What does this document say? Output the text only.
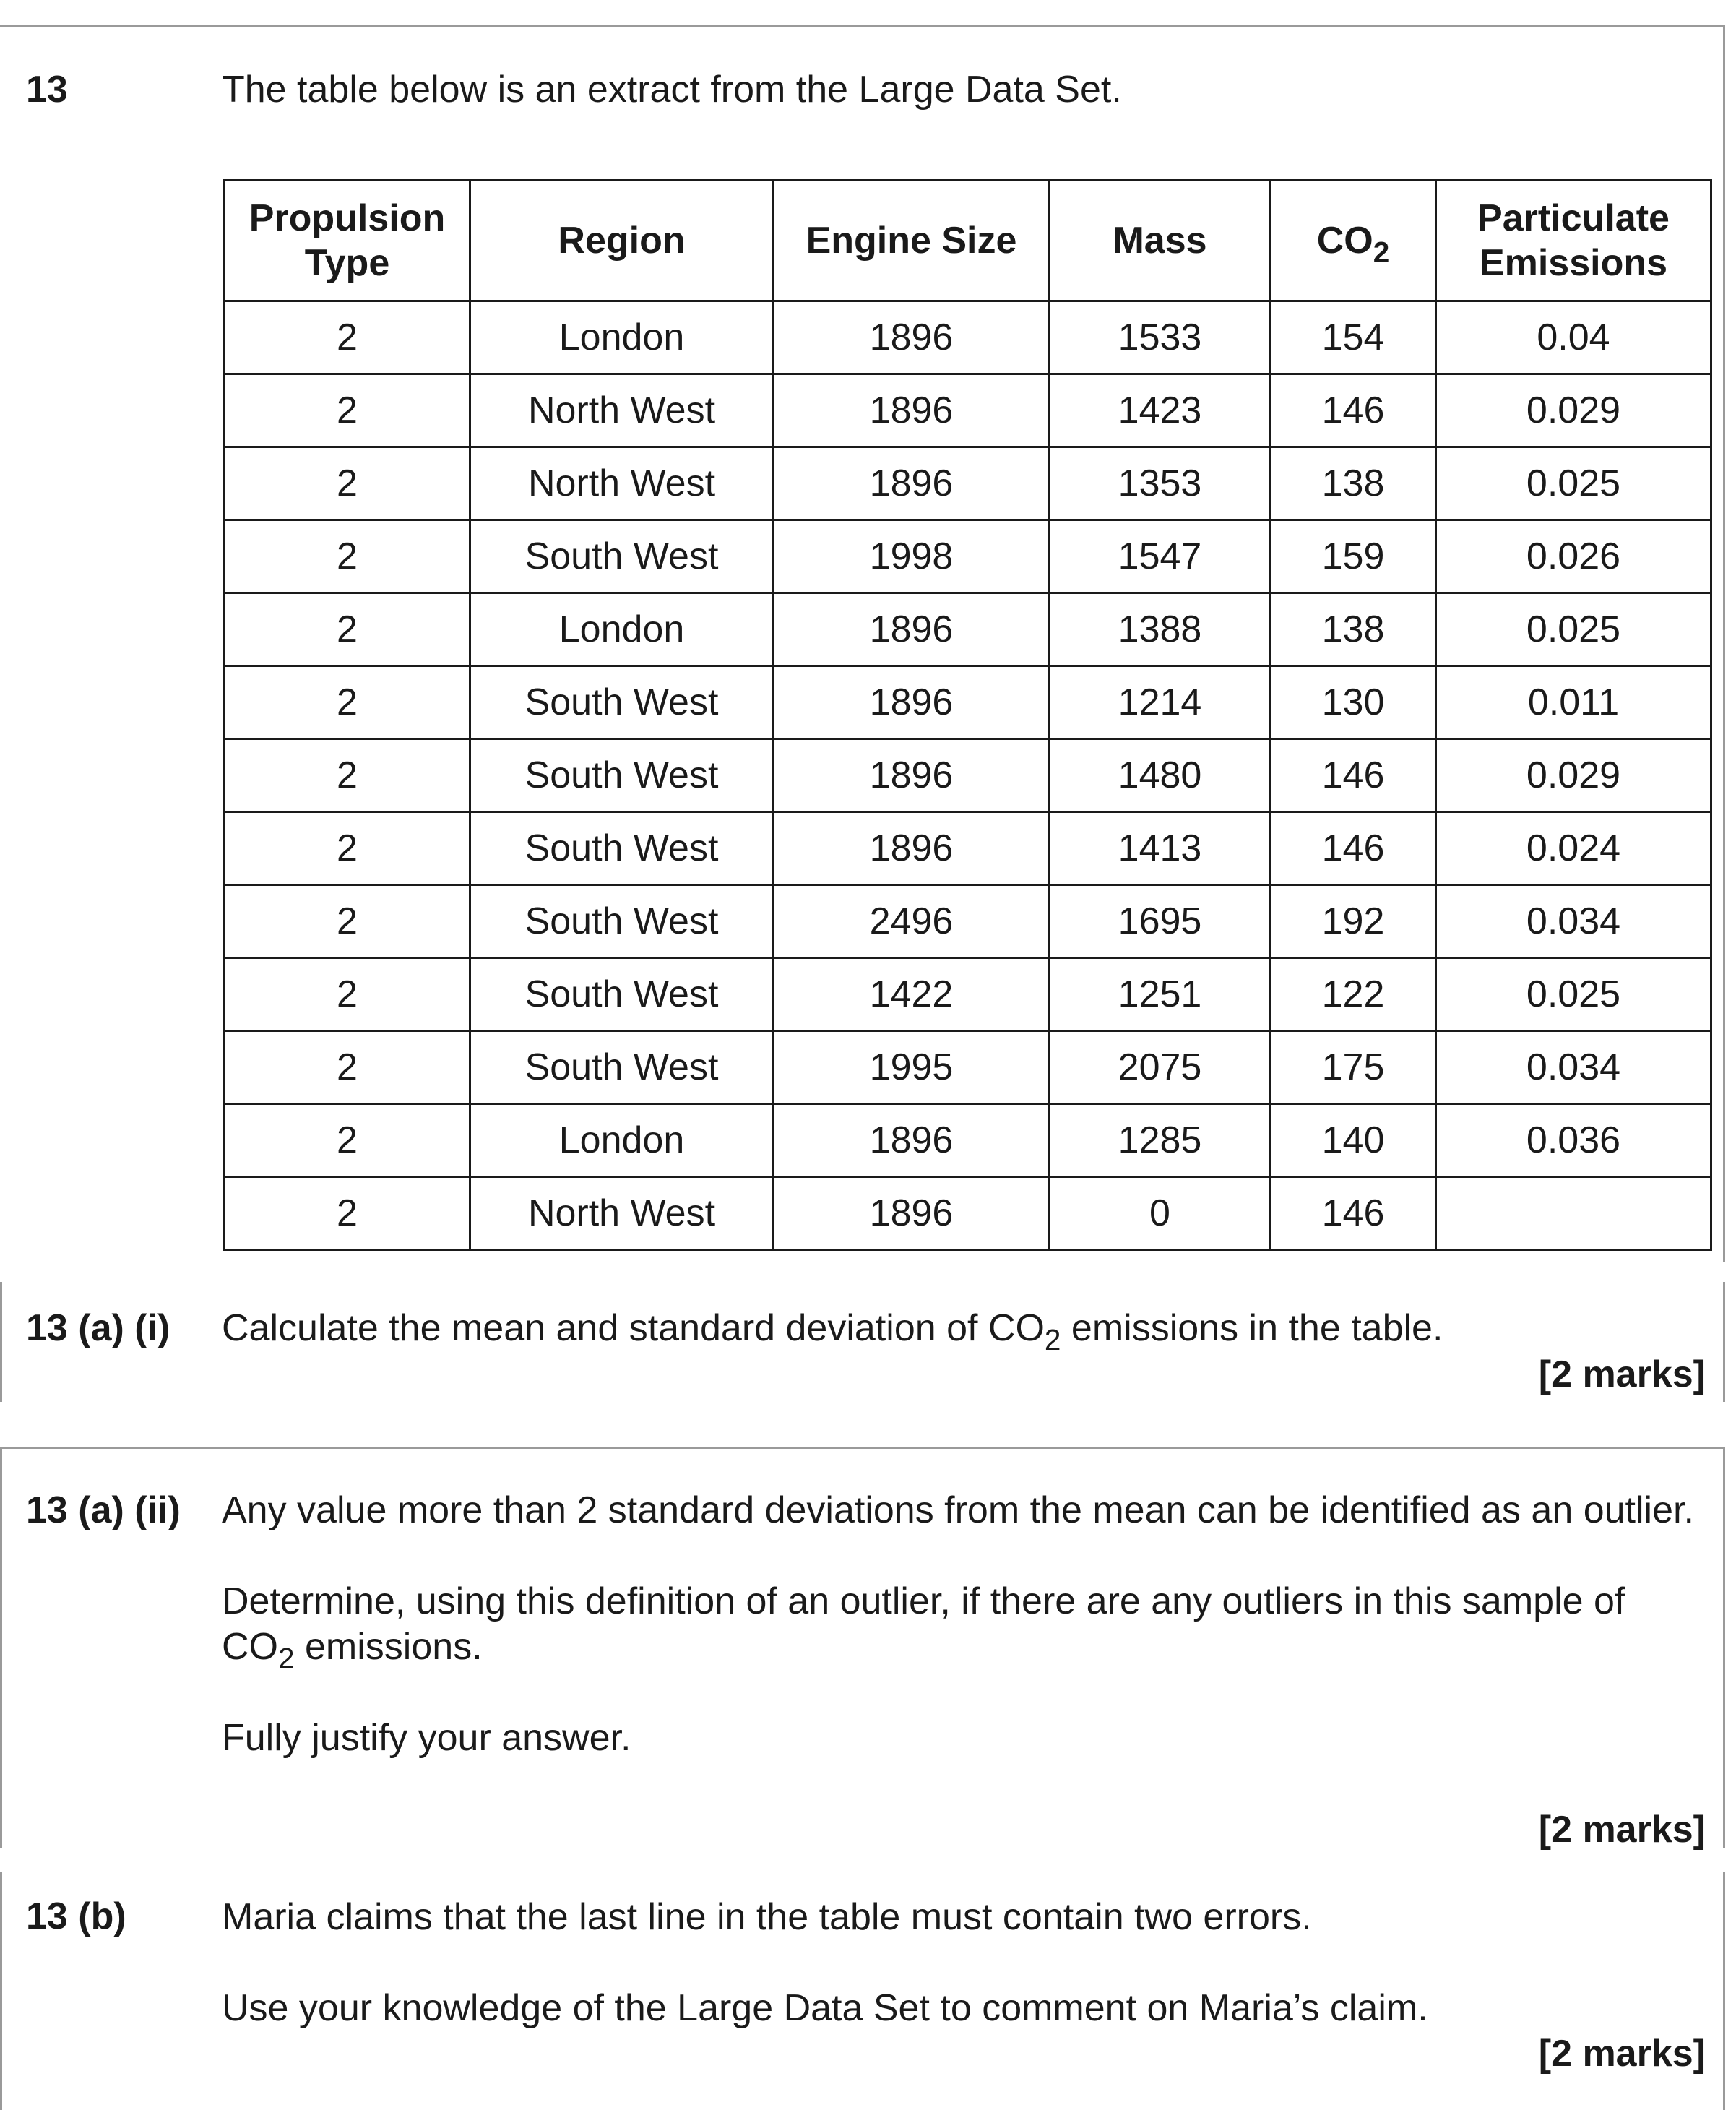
13	The table below is an extract from the Large Data Set.
Propulsion
Type	Region	Engine Size	Mass	$CO_2$	Particulate
Emissions
2	London	1896	1533	154	0.04
2	North West	1896	1423	146	0.029
2	North West	1896	1353	138	0.025
2	South West	1998	1547	159	0.026
2	London	1896	1388	138	0.025
2	South West	1896	1214	130	0.011
2	South West	1896	1480	146	0.029
2	South West	1896	1413	146	0.024
2	South West	2496	1695	192	0.034
2	South West	1422	1251	122	0.025
2	South West	1995	2075	175	0.034
2	London	1896	1285	140	0.036
2	North West	1896	0	146	
13 (a) (i) Calculate the mean and standard deviation of $CO_2$ emissions in the table.
[2 marks]
13 (a) (ii) Any value more than 2 standard deviations from the mean can be identified as an outlier.

Determine, using this definition of an outlier, if there are any outliers in this sample of
$CO_2$ emissions.

Fully justify your answer.

[2 marks]
13 (b)	Maria claims that the last line in the table must contain two errors.

Use your knowledge of the Large Data Set to comment on Maria’s claim.

[2 marks]
